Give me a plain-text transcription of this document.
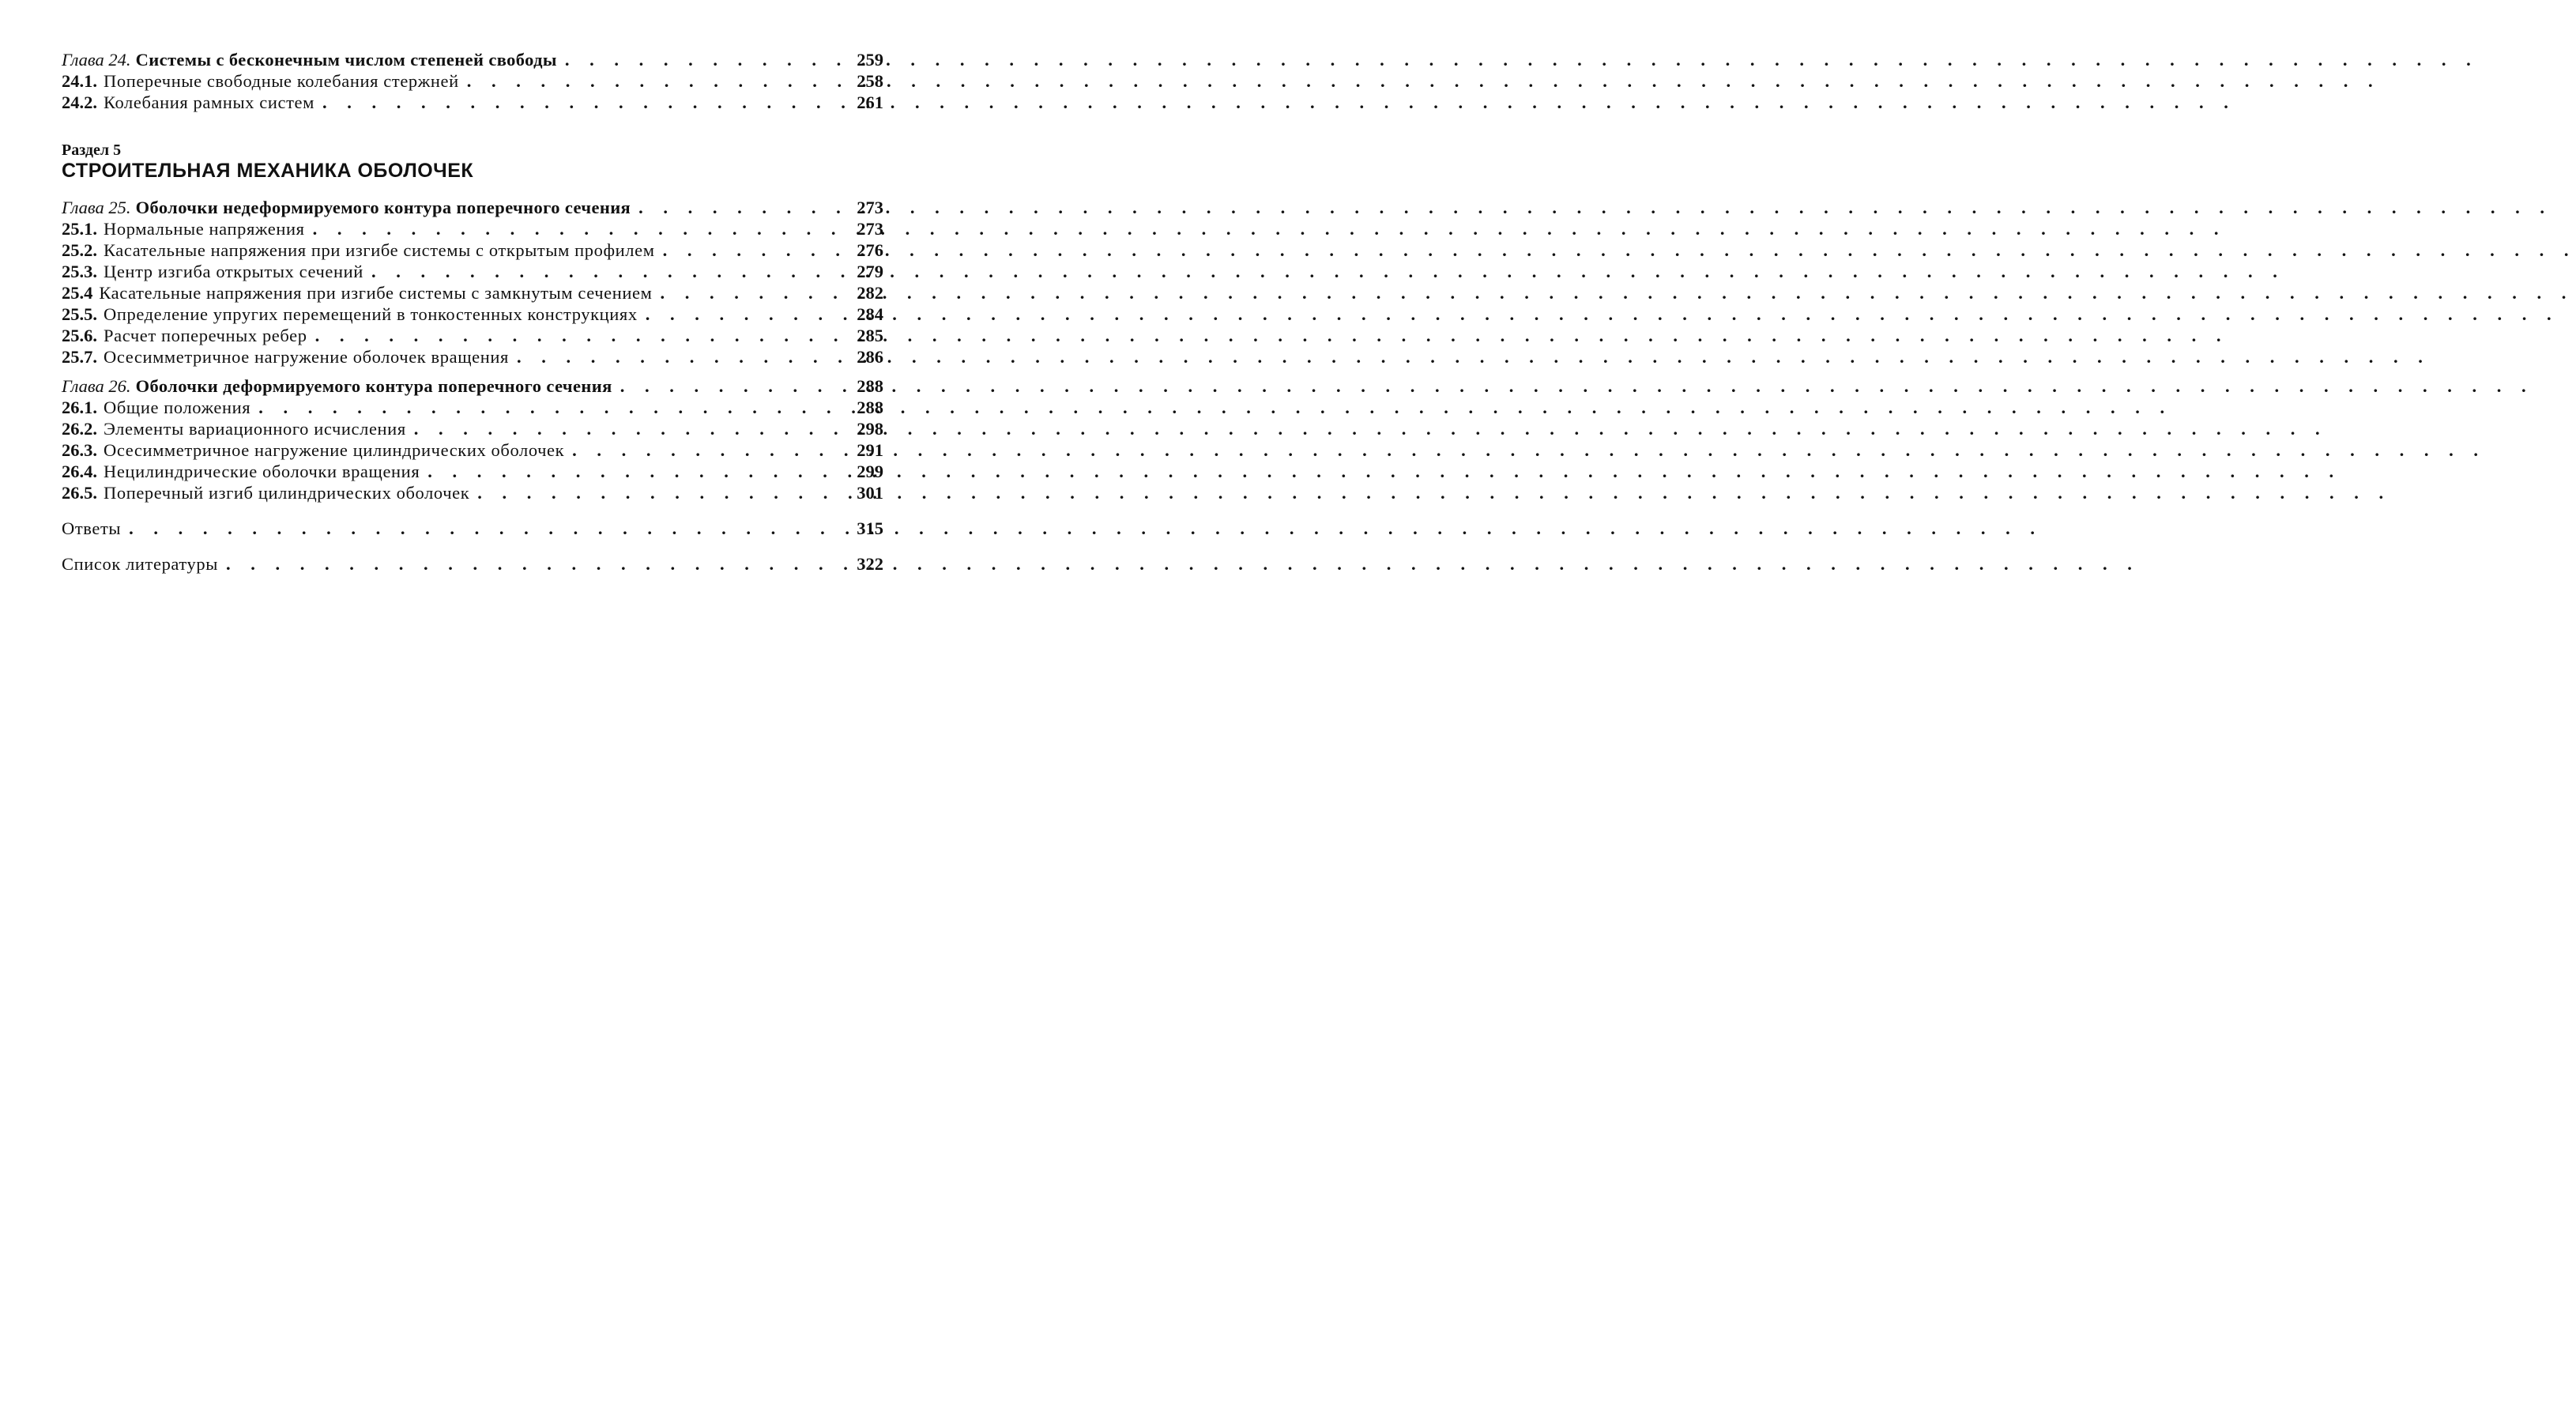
Глава 24. Системы с бесконечным числом степеней свободы . . .	259
24.1. Поперечные свободные колебания стержней . . .	258
24.2. Колебания рамных систем . . .	261
Раздел 5
СТРОИТЕЛЬНАЯ МЕХАНИКА ОБОЛОЧЕК
Глава 25. Оболочки недеформируемого контура поперечного сечения . . .	273
25.1. Нормальные напряжения . . .	273
25.2. Касательные напряжения при изгибе системы с открытым профилем . . .	276
25.3. Центр изгиба открытых сечений . . .	279
25.4 Касательные напряжения при изгибе системы с замкнутым сечением . . .	282
25.5. Определение упругих перемещений в тонкостенных конструкциях . . .	284
25.6. Расчет поперечных ребер . . .	285
25.7. Осесимметричное нагружение оболочек вращения . . .	286
Глава 26. Оболочки деформируемого контура поперечного сечения . . .	288
26.1. Общие положения . . .	288
26.2. Элементы вариационного исчисления . . .	298
26.3. Осесимметричное нагружение цилиндрических оболочек . . .	291
26.4. Нецилиндрические оболочки вращения . . .	299
26.5. Поперечный изгиб цилиндрических оболочек . . .	301
Ответы . . .	315
Список литературы . . .	322
